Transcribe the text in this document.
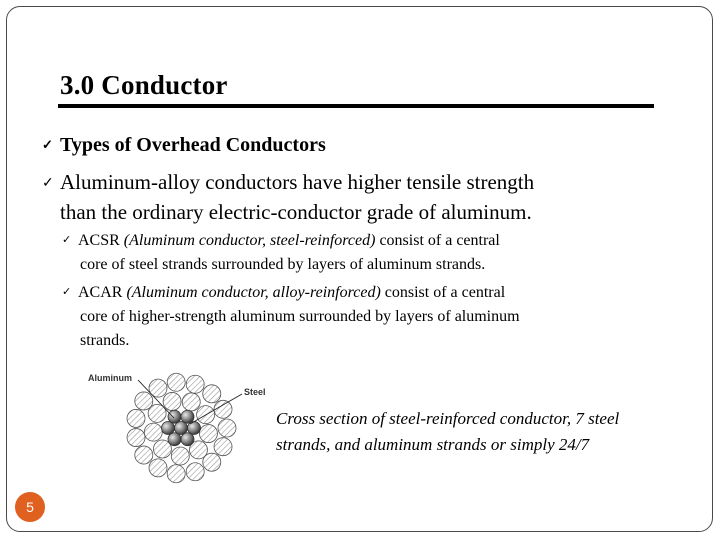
3.0 Conductor
✓ Types of Overhead Conductors
✓ Aluminum-alloy conductors have higher tensile strength
than the ordinary electric-conductor grade of aluminum.
✓ ACSR (Aluminum conductor, steel-reinforced) consist of a central
core of steel strands surrounded by layers of aluminum strands.
✓ ACAR (Aluminum conductor, alloy-reinforced) consist of a central
core of higher-strength aluminum surrounded by layers of aluminum
strands.
Aluminum
Steel
Cross section of steel-reinforced conductor, 7 steel
strands, and aluminum strands or simply 24/7
5
